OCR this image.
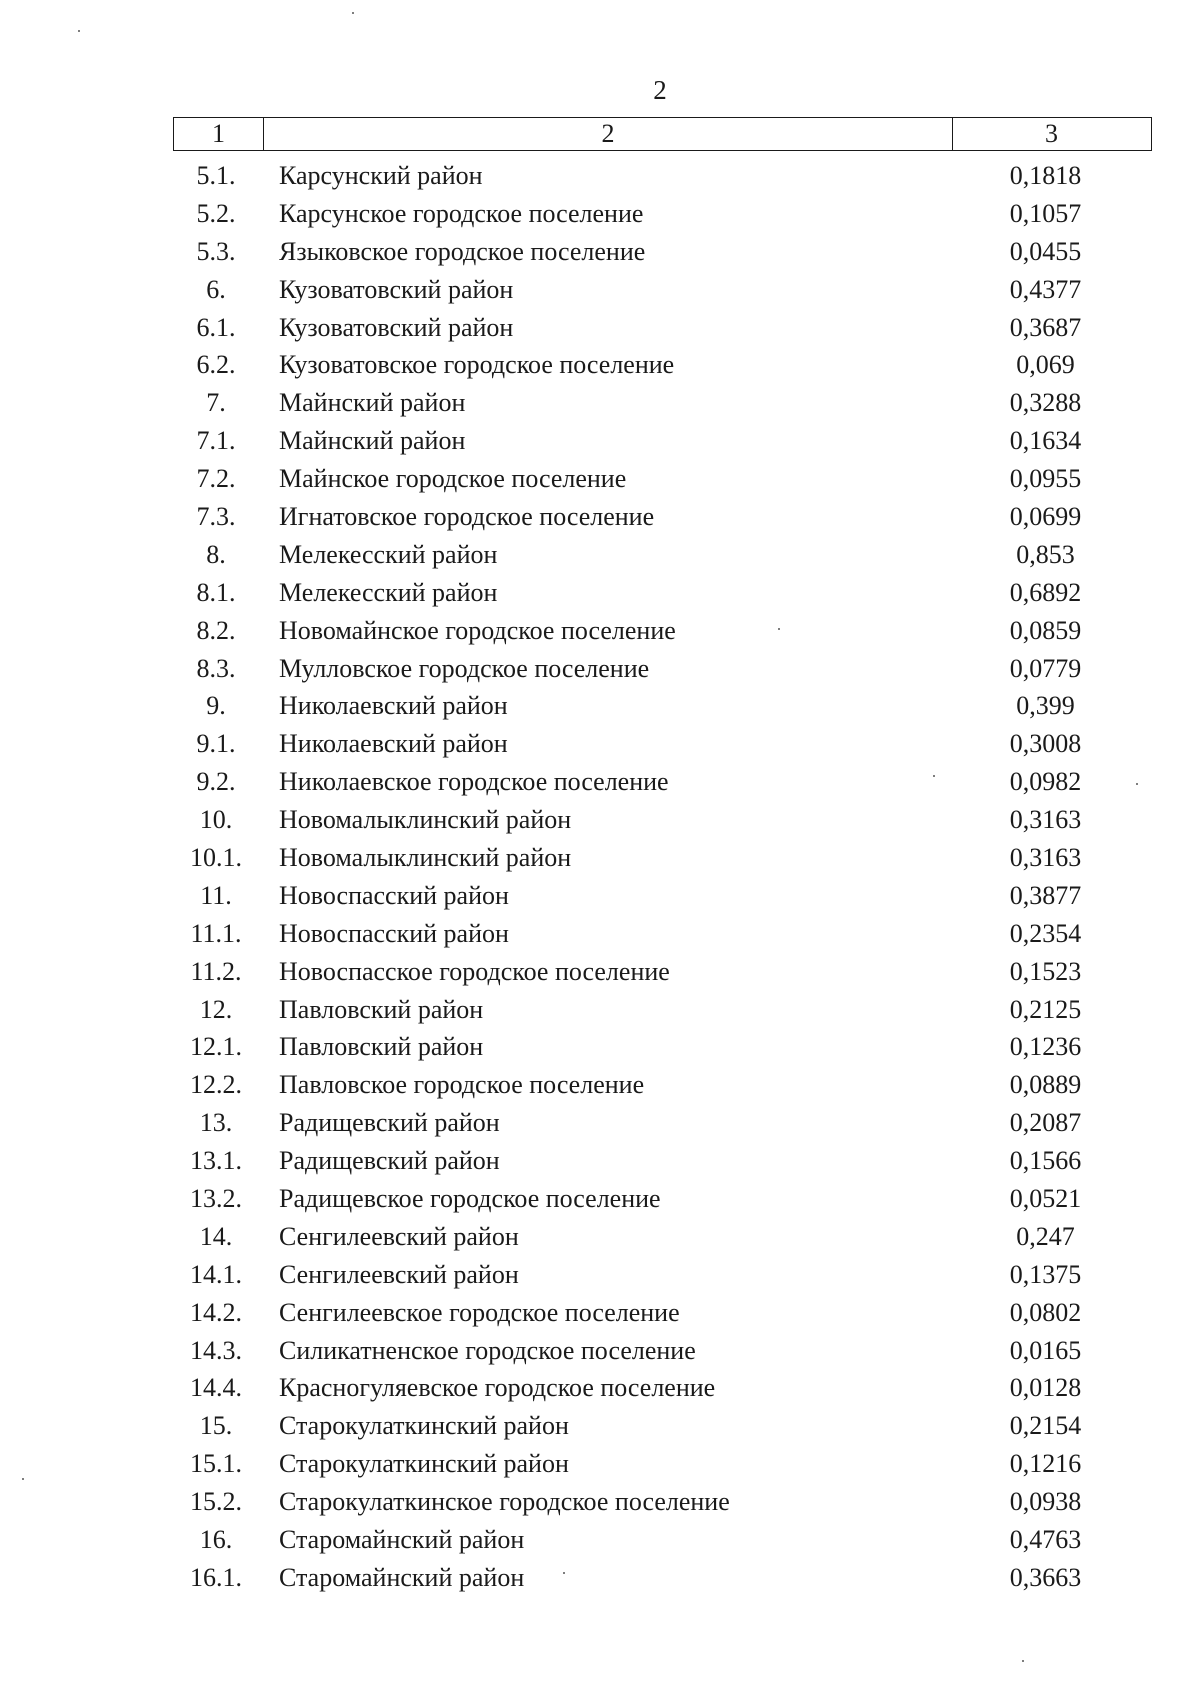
2
1	2	3
5.1.	Карсунский район	0,1818
5.2.	Карсунское городское поселение	0,1057
5.3.	Языковское городское поселение	0,0455
6.	Кузоватовский район	0,4377
6.1.	Кузоватовский район	0,3687
6.2.	Кузоватовское городское поселение	0,069
7.	Майнский район	0,3288
7.1.	Майнский район	0,1634
7.2.	Майнское городское поселение	0,0955
7.3.	Игнатовское городское поселение	0,0699
8.	Мелекесский район	0,853
8.1.	Мелекесский район	0,6892
8.2.	Новомайнское городское поселение	0,0859
8.3.	Мулловское городское поселение	0,0779
9.	Николаевский район	0,399
9.1.	Николаевский район	0,3008
9.2.	Николаевское городское поселение	0,0982
10.	Новомалыклинский район	0,3163
10.1.	Новомалыклинский район	0,3163
11.	Новоспасский район	0,3877
11.1.	Новоспасский район	0,2354
11.2.	Новоспасское городское поселение	0,1523
12.	Павловский район	0,2125
12.1.	Павловский район	0,1236
12.2.	Павловское городское поселение	0,0889
13.	Радищевский район	0,2087
13.1.	Радищевский район	0,1566
13.2.	Радищевское городское поселение	0,0521
14.	Сенгилеевский район	0,247
14.1.	Сенгилеевский район	0,1375
14.2.	Сенгилеевское городское поселение	0,0802
14.3.	Силикатненское городское поселение	0,0165
14.4.	Красногуляевское городское поселение	0,0128
15.	Старокулаткинский район	0,2154
15.1.	Старокулаткинский район	0,1216
15.2.	Старокулаткинское городское поселение	0,0938
16.	Старомайнский район	0,4763
16.1.	Старомайнский район	0,3663
